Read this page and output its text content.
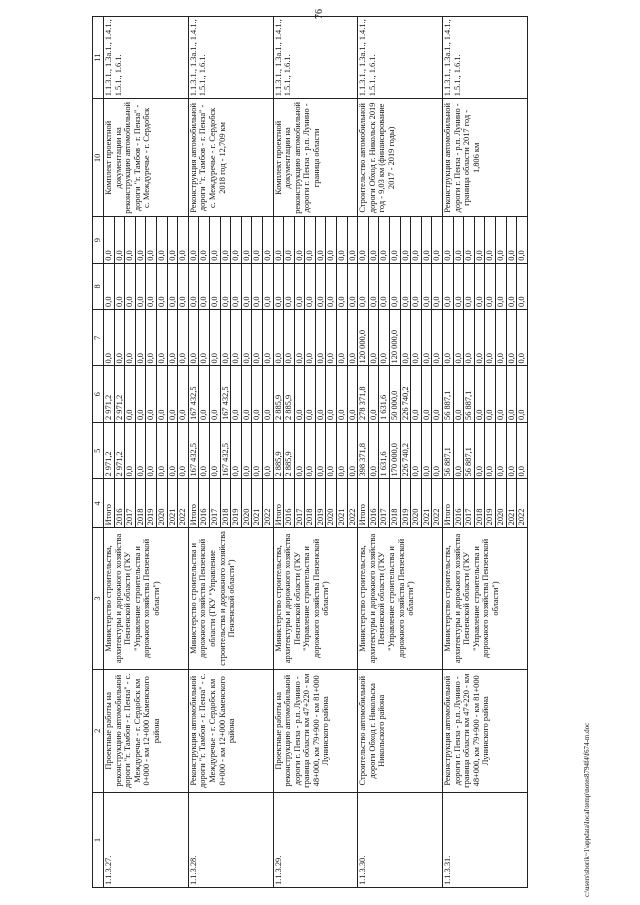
76
1	2	3	4	5	6	7	8	9	10	11
1.1.3.27.	Проектные работы на реконструкцию автомобильной дороги "г. Тамбов - г. Пенза" - с. Междуречье - г. Сердобск км 0+000 - км 12+000 Каменского района	Министерство строительства, архитектуры и дорожного хозяйства Пензенской области (ГКУ "Управление строительства и дорожного хозяйства Пензенской области")	Итого	2 971,2	2 971,2	0,0	0,0	0,0	Комплект проектной документации на реконструкцию автомобильной дороги "г. Тамбов - г. Пенза" - с. Междуречье - г. Сердобск	1.1.3.1., 1.3а.1., 1.4.1., 1.5.1., 1.6.1.
			2016	2 971,2	2 971,2	0,0	0,0	0,0		
			2017	0,0	0,0	0,0	0,0	0,0		
			2018	0,0	0,0	0,0	0,0	0,0		
			2019	0,0	0,0	0,0	0,0	0,0		
			2020	0,0	0,0	0,0	0,0	0,0		
			2021	0,0	0,0	0,0	0,0	0,0		
			2022	0,0	0,0	0,0	0,0	0,0		
1.1.3.28.	Реконструкция автомобильной дороги "г. Тамбов - г. Пенза" - с. Междуречье - г. Сердобск км 0+000 - км 12+000 Каменского района	Министерство строительства и дорожного хозяйства Пензенской области (ГКУ "Управление строительства и дорожного хозяйства Пензенской области")	Итого	167 432,5	167 432,5	0,0	0,0	0,0	Реконструкция автомобильной дороги "г. Тамбов - г. Пенза" - с. Междуречье - г. Сердобск 2018 год - 12,709 км	1.1.3.1., 1.3а.1., 1.4.1., 1.5.1., 1.6.1.
			2016	0,0	0,0	0,0	0,0	0,0		
			2017	0,0	0,0	0,0	0,0	0,0		
			2018	167 432,5	167 432,5	0,0	0,0	0,0		
			2019	0,0	0,0	0,0	0,0	0,0		
			2020	0,0	0,0	0,0	0,0	0,0		
			2021	0,0	0,0	0,0	0,0	0,0		
			2022	0,0	0,0	0,0	0,0	0,0		
1.1.3.29.	Проектные работы на реконструкцию автомобильной дороги г. Пенза - р.п. Лунино - граница области км 47+220 - км 48+000, км 79+900 - км 81+000 Лунинского района	Министерство строительства, архитектуры и дорожного хозяйства Пензенской области (ГКУ "Управление строительства и дорожного хозяйства Пензенской области")	Итого	2 885,9	2 885,9	0,0	0,0	0,0	Комплект проектной документации на реконструкцию автомобильной дороги г. Пенза - р.п. Лунино - граница области	1.1.3.1., 1.3а.1., 1.4.1., 1.5.1., 1.6.1.
			2016	2 885,9	2 885,9	0,0	0,0	0,0		
			2017	0,0	0,0	0,0	0,0	0,0		
			2018	0,0	0,0	0,0	0,0	0,0		
			2019	0,0	0,0	0,0	0,0	0,0		
			2020	0,0	0,0	0,0	0,0	0,0		
			2021	0,0	0,0	0,0	0,0	0,0		
			2022	0,0	0,0	0,0	0,0	0,0		
1.1.3.30.	Строительство автомобильной дороги Обход г. Никольска Никольского района	Министерство строительства, архитектуры и дорожного хозяйства Пензенской области (ГКУ "Управление строительства и дорожного хозяйства Пензенской области")	Итого	398 371,8	278 371,8	120 000,0	0,0	0,0	Строительство автомобильной дороги Обход г. Никольск 2019 год - 9,03 км (финансирование 2017 - 2019 годы)	1.1.3.1., 1.3а.1., 1.4.1., 1.5.1., 1.6.1.
			2016	0,0	0,0	0,0	0,0	0,0		
			2017	1 631,6	1 631,6	0,0	0,0	0,0		
			2018	170 000,0	50 000,0	120 000,0	0,0	0,0		
			2019	226 740,2	226 740,2	0,0	0,0	0,0		
			2020	0,0	0,0	0,0	0,0	0,0		
			2021	0,0	0,0	0,0	0,0	0,0		
			2022	0,0	0,0	0,0	0,0	0,0		
1.1.3.31.	Реконструкция автомобильной дороги г. Пенза - р.п. Лунино - граница области км 47+220 - км 48+000, км 79+900 - км 81+000 Лунинского района	Министерство строительства, архитектуры и дорожного хозяйства Пензенской области (ГКУ "Управление строительства и дорожного хозяйства Пензенской области")	Итого	56 887,1	56 887,1	0,0	0,0	0,0	Реконструкция автомобильной дороги г. Пенза - р.п. Лунино - граница области 2017 год - 1,806 км	1.1.3.1., 1.3а.1., 1.4.1., 1.5.1., 1.6.1.
			2016	0,0	0,0	0,0	0,0	0,0		
			2017	56 887,1	56 887,1	0,0	0,0	0,0		
			2018	0,0	0,0	0,0	0,0	0,0		
			2019	0,0	0,0	0,0	0,0	0,0		
			2020	0,0	0,0	0,0	0,0	0,0		
			2021	0,0	0,0	0,0	0,0	0,0		
			2022	0,0	0,0	0,0	0,0	0,0		
c:\users\sborik~1\appdata\local\temp\notes8794f4\f674-m.doc
